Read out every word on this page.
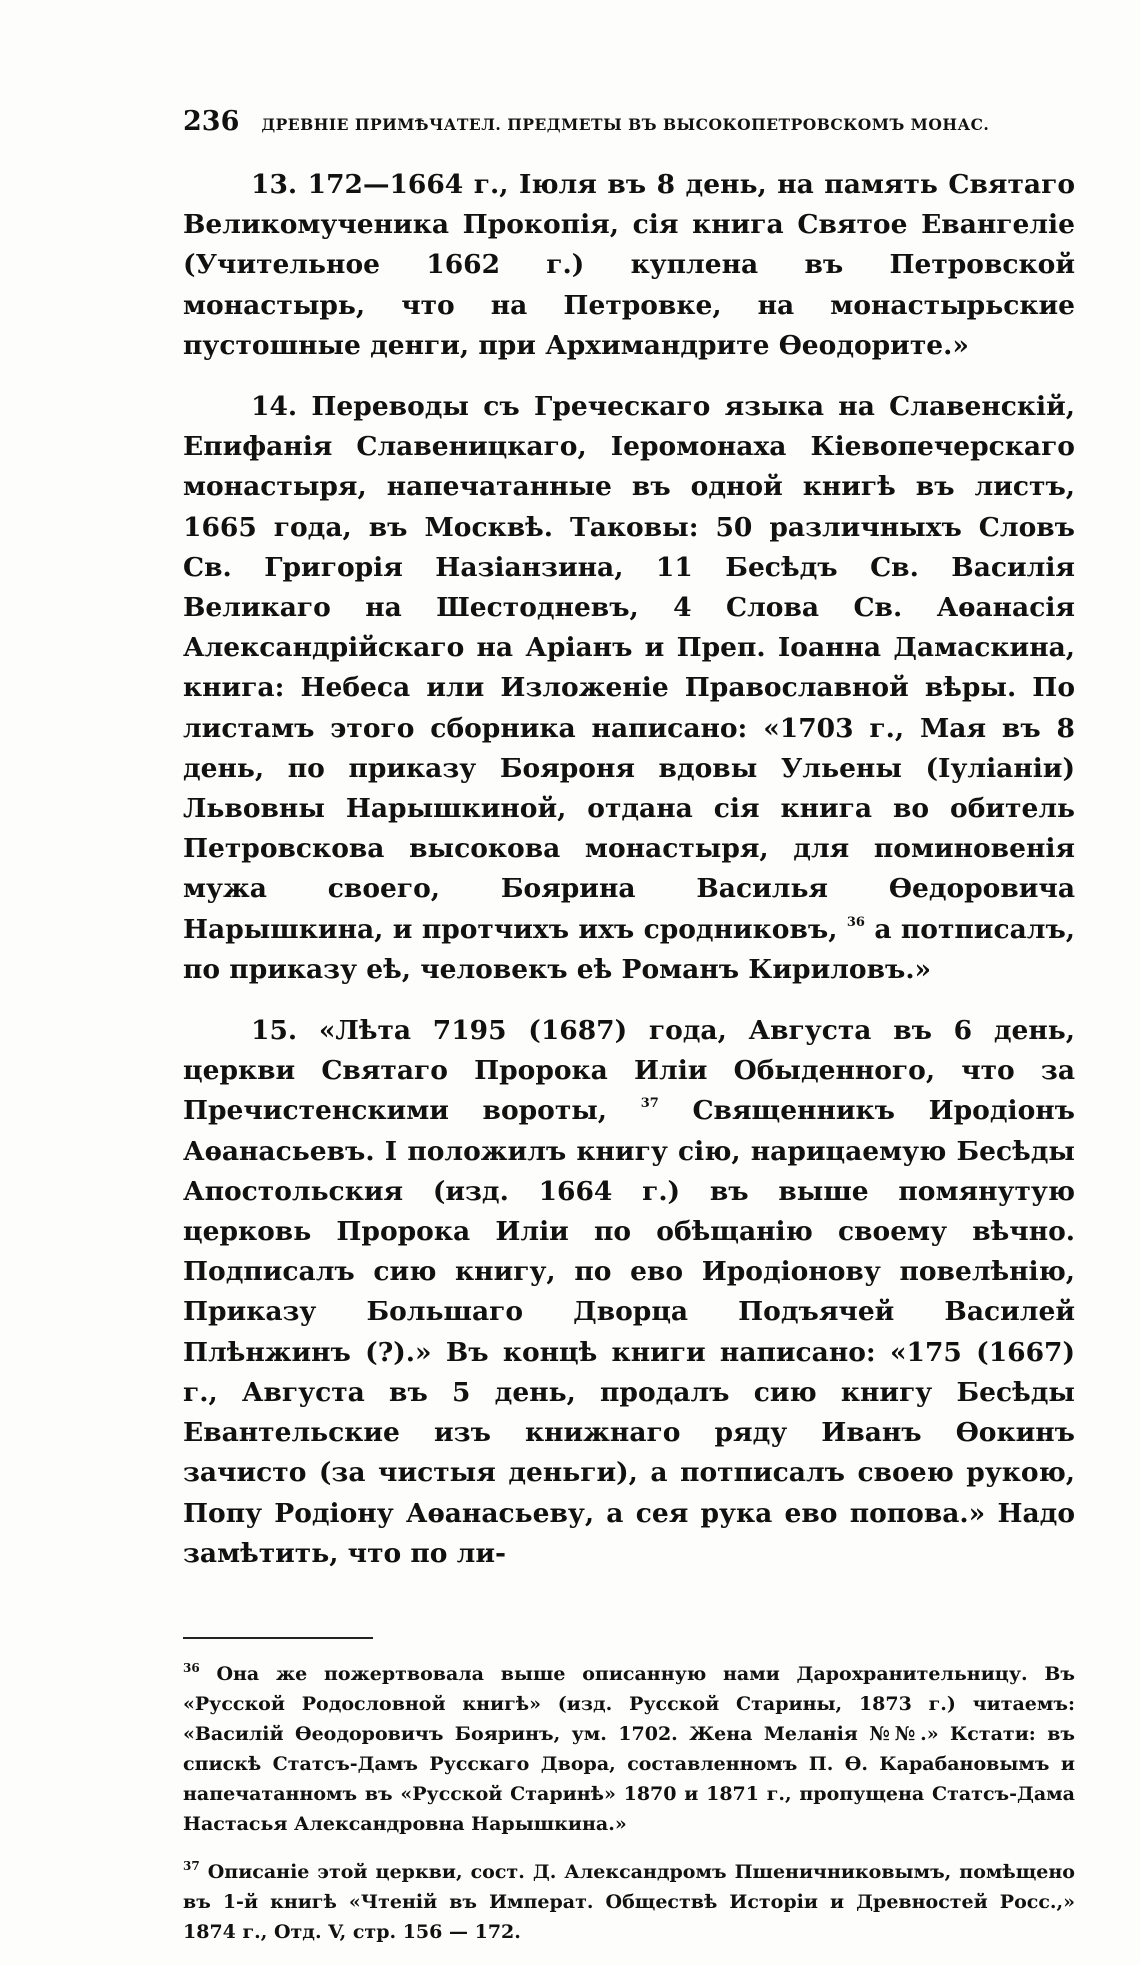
236 ДРЕВНІЕ ПРИМѢЧАТЕЛ. ПРЕДМЕТЫ ВЪ ВЫСОКОПЕТРОВСКОМЪ МОНАС.

13. 172—1664 г., Іюля въ 8 день, на память Святаго Великомученика Прокопія, сія книга Святое Евангеліе (Учительное 1662 г.) куплена въ Петровской монастырь, что на Петровке, на монастырьские пустошные денги, при Архимандрите Ѳеодорите.»

14. Переводы съ Греческаго языка на Славенскій, Епифанія Славеницкаго, Іеромонаха Кіевопечерскаго монастыря, напечатанные въ одной книгѣ въ листъ, 1665 года, въ Москвѣ. Таковы: 50 различныхъ Словъ Св. Григорія Назіанзина, 11 Бесѣдъ Св. Василія Великаго на Шестодневъ, 4 Слова Св. Аѳанасія Александрійскаго на Аріанъ и Преп. Іоанна Дамаскина, книга: Небеса или Изложеніе Православной вѣры. По листамъ этого сборника написано: «1703 г., Мая въ 8 день, по приказу Бояроня вдовы Ульены (Іуліаніи) Львовны Нарышкиной, отдана сія книга во обитель Петровскова высокова монастыря, для поминовенія мужа своего, Боярина Василья Ѳедоровича Нарышкина, и протчихъ ихъ сродниковъ, $^{36}$ а потписалъ, по приказу еѣ, человекъ еѣ Романъ Кириловъ.»

15. «Лѣта 7195 (1687) года, Августа въ 6 день, церкви Святаго Пророка Иліи Обыденного, что за Пречистенскими вороты,	$^{37}$ Священникъ Иродіонъ Аѳанасьевъ. І положилъ книгу сію, нарицаемую Бесѣды Апостольския (изд. 1664 г.) въ выше помянутую церковь Пророка Иліи по обѣщанію своему вѣчно. Подписалъ сию книгу, по ево Иродіонову повелѣнію, Приказу Большаго Дворца Подъячей Василей Плѣнжинъ (?).» Въ концѣ книги написано: «175 (1667) г., Августа въ 5 день, продалъ сию книгу Бесѣды Евантельские изъ книжнаго ряду Иванъ Ѳокинъ зачисто (за чистыя деньги), а потписалъ своею рукою, Попу Родіону Аѳанасьеву, а сея рука ево попова.» Надо замѣтить, что по ли-

$^{36}$ Она же пожертвовала выше описанную нами Дарохранительницу. Въ «Русской Родословной книгѣ» (изд. Русской Старины, 1873 г.) читаемъ: «Василій Ѳеодоровичъ Бояринъ, ум. 1702. Жена Меланія №№.» Кстати: въ спискѣ Статсъ-Дамъ Русскаго Двора, составленномъ П. Ѳ. Карабановымъ и напечатанномъ въ «Русской Старинѣ» 1870 и 1871 г., пропущена Статсъ-Дама Настасья Александровна Нарышкина.»

$^{37}$ Описаніе этой церкви, сост. Д. Александромъ Пшеничниковымъ, помѣщено въ 1-й книгѣ «Чтеній въ Императ. Обществѣ Исторіи и Древностей Росс.,» 1874 г., Отд. V, стр. 156 — 172.
